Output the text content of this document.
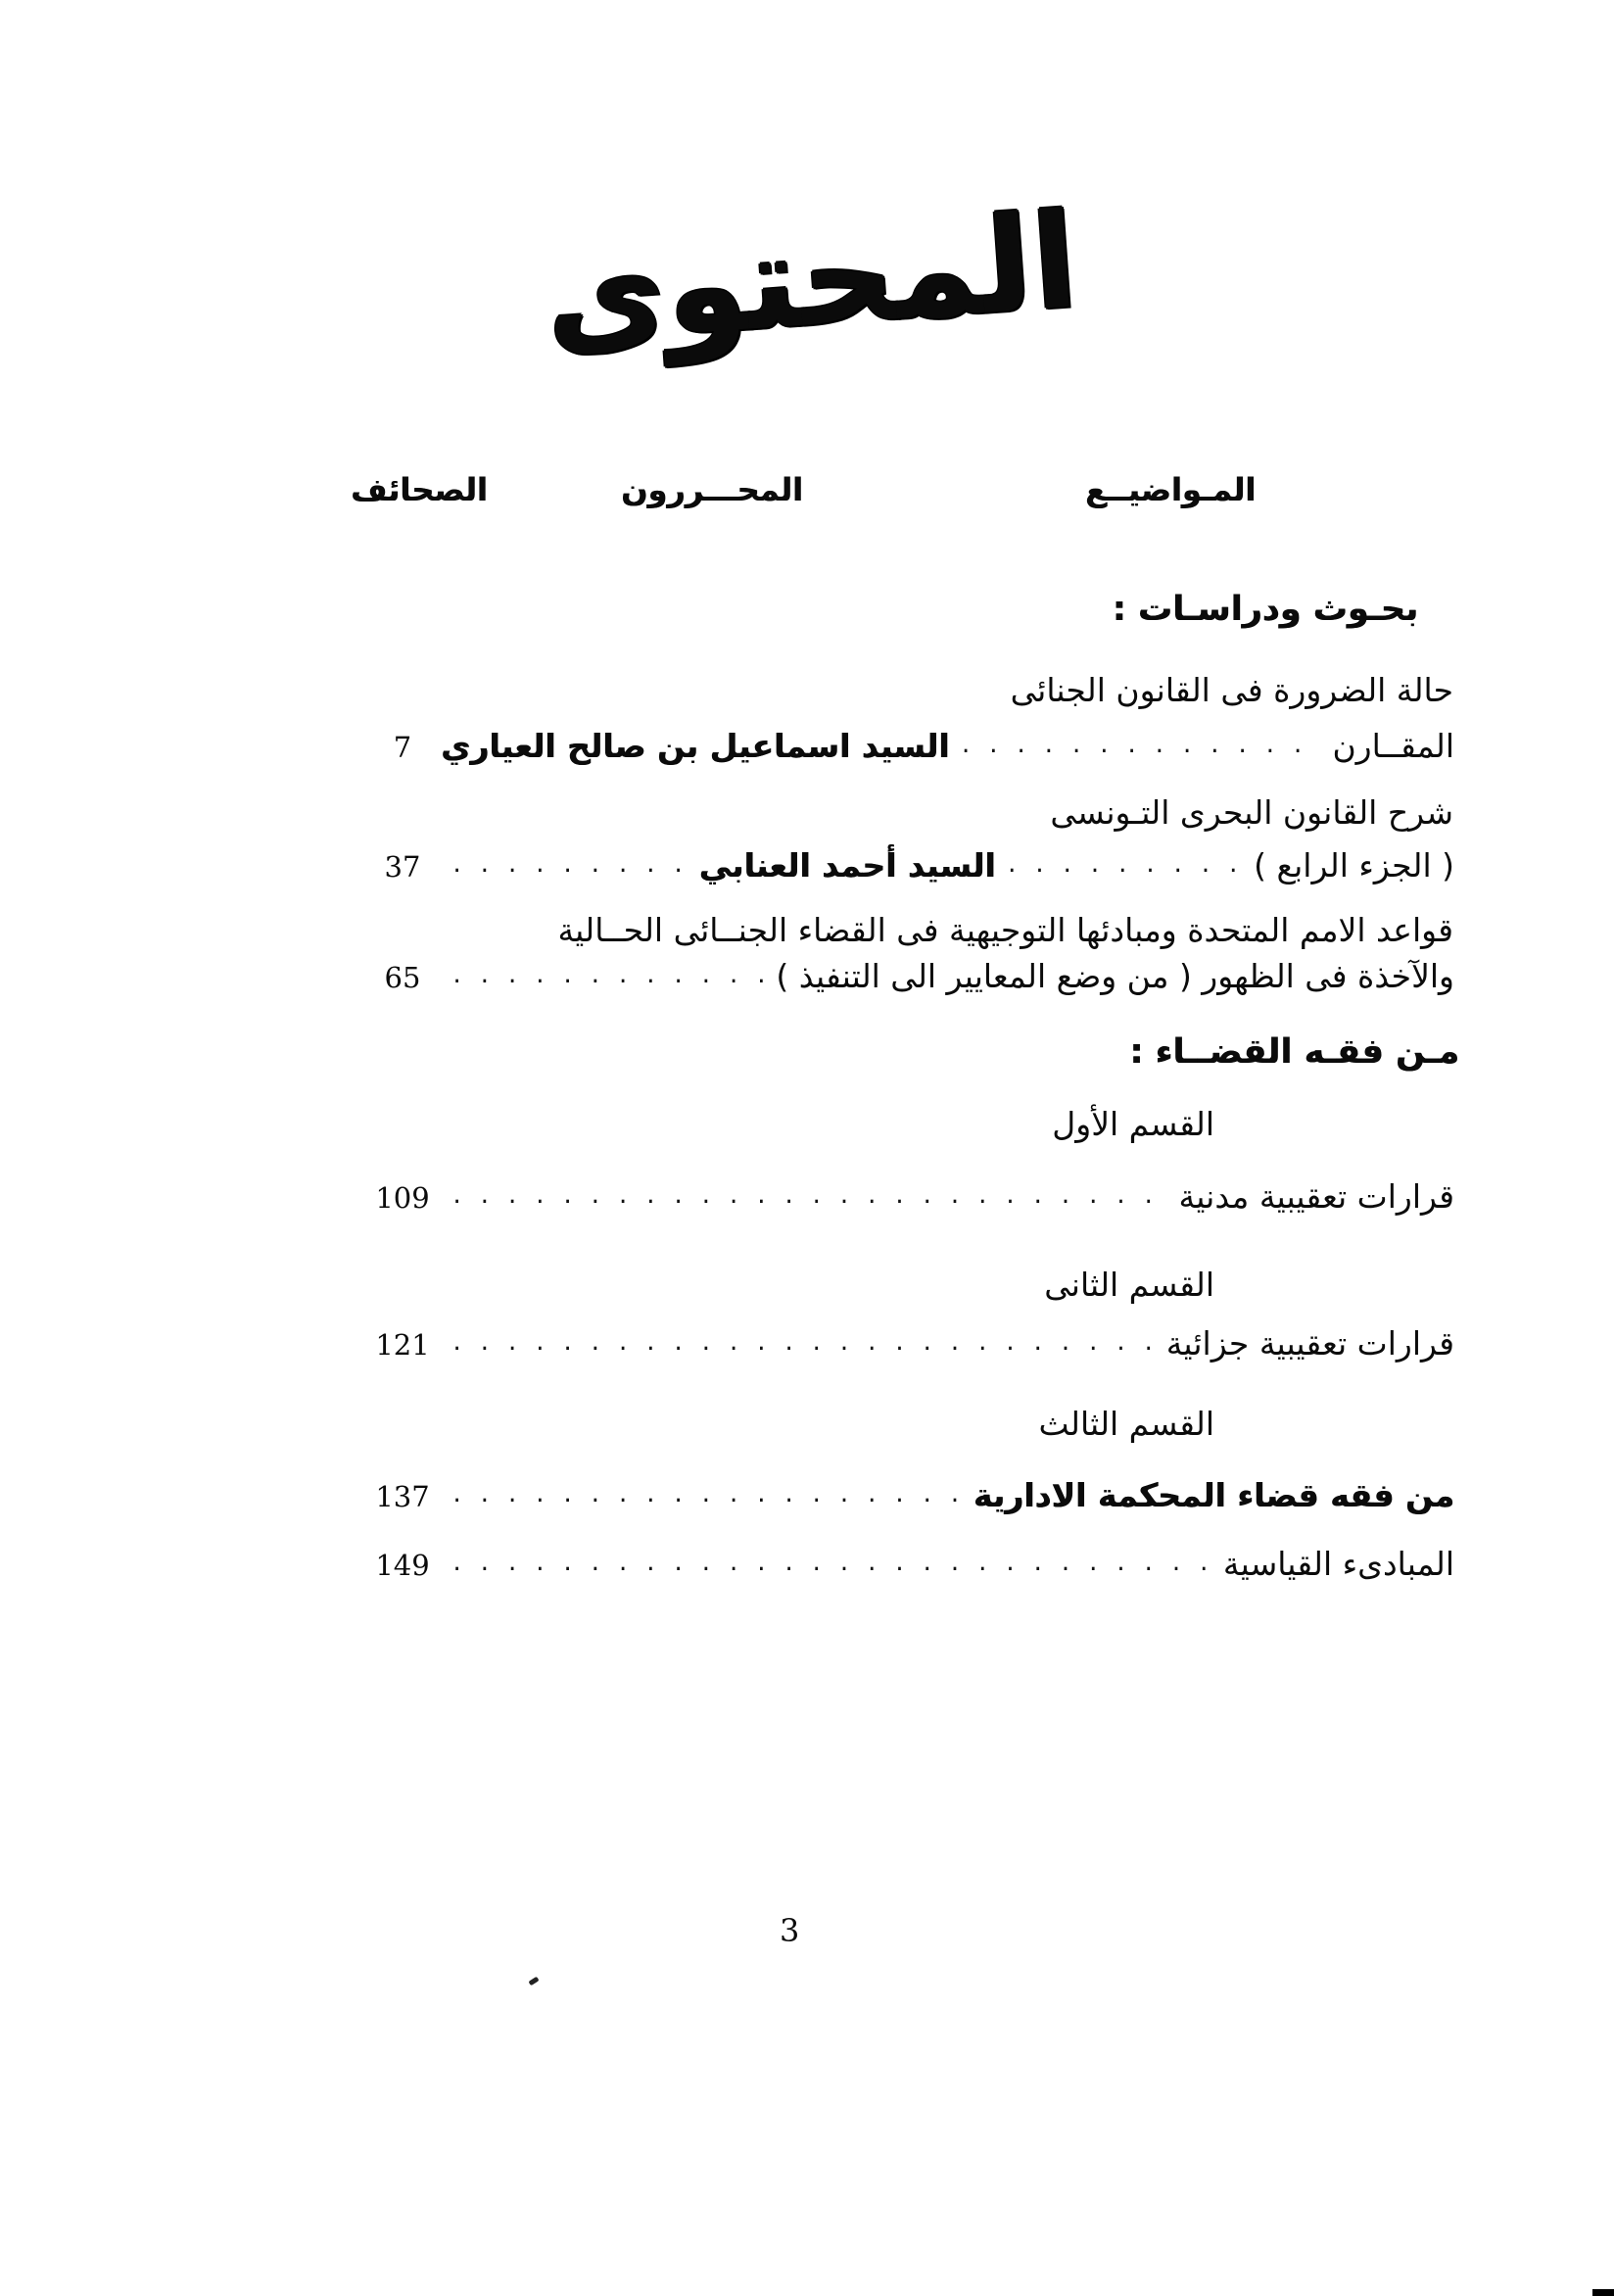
المحتوى
الصحائف	المحـــررون	المـواضيــع
بحـوث ودراسـات :
حالة الضرورة فى القانون الجنائى
المقــارن
.....
السيد اسماعيل بن صالح العياري
7
شرح القانون البحرى التـونسى
( الجزء الرابع )
.....
السيد أحمد العنابي
.....
37
قواعد الامم المتحدة ومبادئها التوجيهية فى القضاء الجنــائى الحــالية
والآخذة فى الظهور ( من وضع المعايير الى التنفيذ )
.....
65
مـن فقـه القضــاء :
القسم الأول
قرارات تعقيبية مدنية
.....
109
القسم الثانى
قرارات تعقيبية جزائية
.....
121
القسم الثالث
من فقه قضاء المحكمة الادارية
.....
137
المبادىء القياسية
.....
149
3
